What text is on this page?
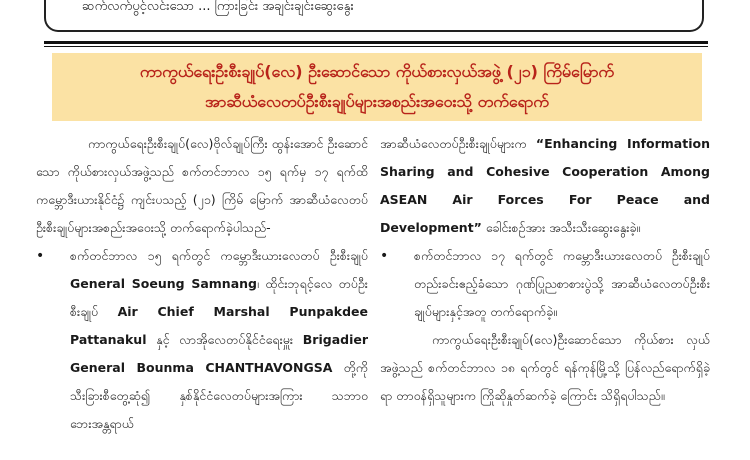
ဆက်လက်ပွင့်လင်းသော ... ကြားခြင်း အချင်းချင်းဆွေးနွေး
ကာကွယ်ရေးဦးစီးချုပ်(လေ) ဦးဆောင်သော ကိုယ်စားလှယ်အဖွဲ့ (၂၁) ကြိမ်မြောက်
အာဆီယံလေတပ်ဦးစီးချုပ်များအစည်းအဝေးသို့ တက်ရောက်

ကာကွယ်ရေးဦးစီးချုပ်(လေ)ဗိုလ်ချုပ်ကြီး ထွန်းအောင် ဦးဆောင်သော ကိုယ်စားလှယ်အဖွဲ့သည် စက်တင်ဘာလ ၁၅ ရက်မှ ၁၇ ရက်ထိ ကမ္ဘောဒီးယားနိုင်ငံ၌ ကျင်းပသည့် (၂၁) ကြိမ် မြောက် အာဆီယံလေတပ်ဦးစီးချုပ်များအစည်းအဝေးသို့ တက်ရောက်ခဲ့ပါသည်-

• စက်တင်ဘာလ ၁၅ ရက်တွင် ကမ္ဘောဒီးယားလေတပ် ဦးစီးချုပ် General Soeung Samnang၊ ထိုင်းဘုရင့်လေ တပ်ဦးစီးချုပ် Air Chief Marshal Punpakdee Pattanakul နှင့် လာအိုလေတပ်နိုင်ငံရေးမှူး Brigadier General Bounma CHANTHAVONGSA တို့ကို သီးခြားစီတွေ့ဆုံ၍ နှစ်နိုင်ငံလေတပ်များအကြား သဘာဝဘေးအန္တရာယ်

အာဆီယံလေတပ်ဦးစီးချုပ်များက “Enhancing Information Sharing and Cohesive Cooperation Among ASEAN Air Forces For Peace and Development” ခေါင်းစဉ်အား အသီးသီးဆွေးနွေးခဲ့။

• စက်တင်ဘာလ ၁၇ ရက်တွင် ကမ္ဘောဒီးယားလေတပ် ဦးစီးချုပ် တည်းခင်းဧည့်ခံသော ဂုဏ်ပြုညစာစားပွဲသို့ အာဆီယံလေတပ်ဦးစီးချုပ်များနှင့်အတူ တက်ရောက်ခဲ့။

ကာကွယ်ရေးဦးစီးချုပ်(လေ)ဦးဆောင်သော ကိုယ်စား လှယ်အဖွဲ့သည် စက်တင်ဘာလ ၁၈ ရက်တွင် ရန်ကုန်မြို့သို့ ပြန်လည်ရောက်ရှိခဲ့ရာ တာဝန်ရှိသူများက ကြိုဆိုနှုတ်ဆက်ခဲ့ ကြောင်း သိရှိရပါသည်။
